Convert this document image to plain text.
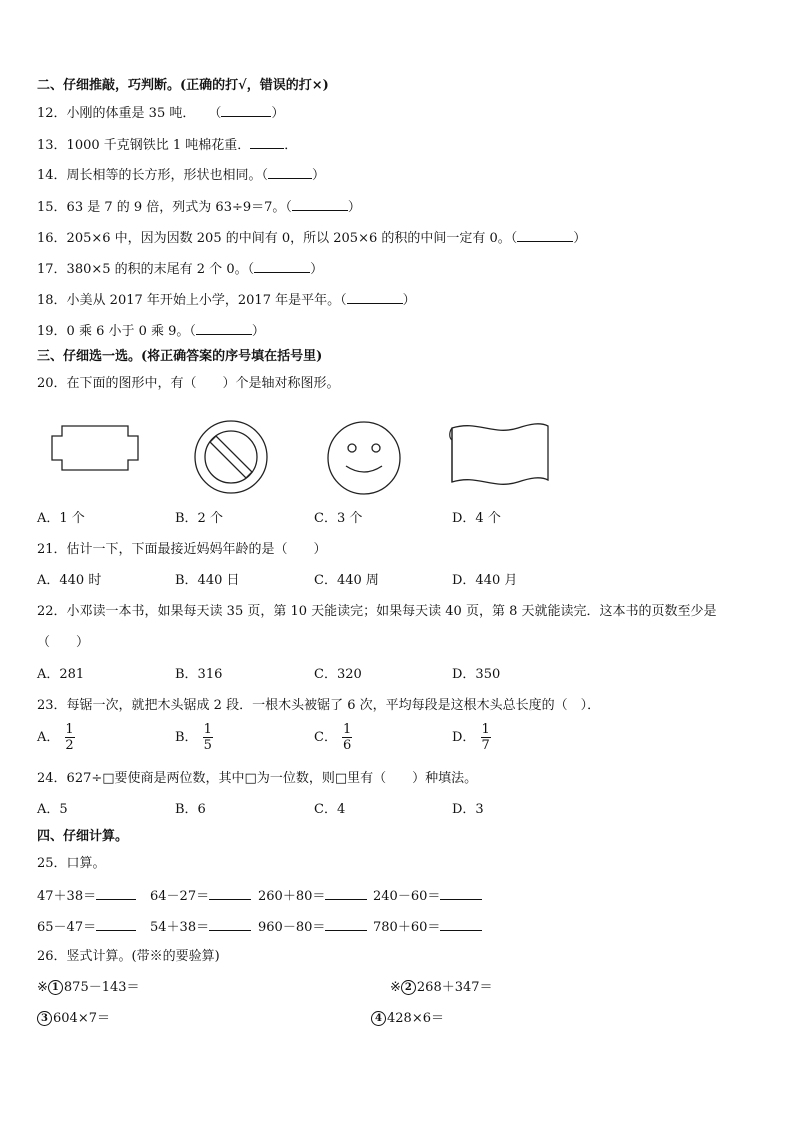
二、仔细推敲，巧判断。(正确的打√，错误的打×)
12．小刚的体重是 35 吨．　　（	）
13．1000 千克钢铁比 1 吨棉花重．	．
14．周长相等的长方形，形状也相同。（	）
15．63 是 7 的 9 倍，列式为 63÷9＝7。（	）
16．205×6 中，因为因数 205 的中间有 0，所以 205×6 的积的中间一定有 0。（	）
17．380×5 的积的末尾有 2 个 0。（	）
18．小美从 2017 年开始上小学，2017 年是平年。（	）
19．0 乘 6 小于 0 乘 9。（	）
三、仔细选一选。(将正确答案的序号填在括号里)
20．在下面的图形中，有（　　）个是轴对称图形。
A．1 个	B．2 个	C．3 个	D．4 个
21．估计一下，下面最接近妈妈年龄的是（　　）
A．440 时	B．440 日	C．440 周	D．440 月
22．小邓读一本书，如果每天读 35 页，第 10 天能读完；如果每天读 40 页，第 8 天就能读完．这本书的页数至少是
（　　）
A．281	B．316	C．320	D．350
23．每锯一次，就把木头锯成 2 段．一根木头被锯了 6 次，平均每段是这根木头总长度的（　）．
A． $\frac{1}{2}$	B． $\frac{1}{5}$	C． $\frac{1}{6}$	D． $\frac{1}{7}$
24．627÷□要使商是两位数，其中□为一位数，则□里有（　　）种填法。
A．5	B．6	C．4	D．3
四、仔细计算。
25．口算。
47＋38＝	64－27＝	260＋80＝	240－60＝
65－47＝	54＋38＝	960－80＝	780＋60＝
26．竖式计算。(带※的要验算)
※ 1 875－143＝	※ 2 268＋347＝
3 604×7＝	4 428×6＝
